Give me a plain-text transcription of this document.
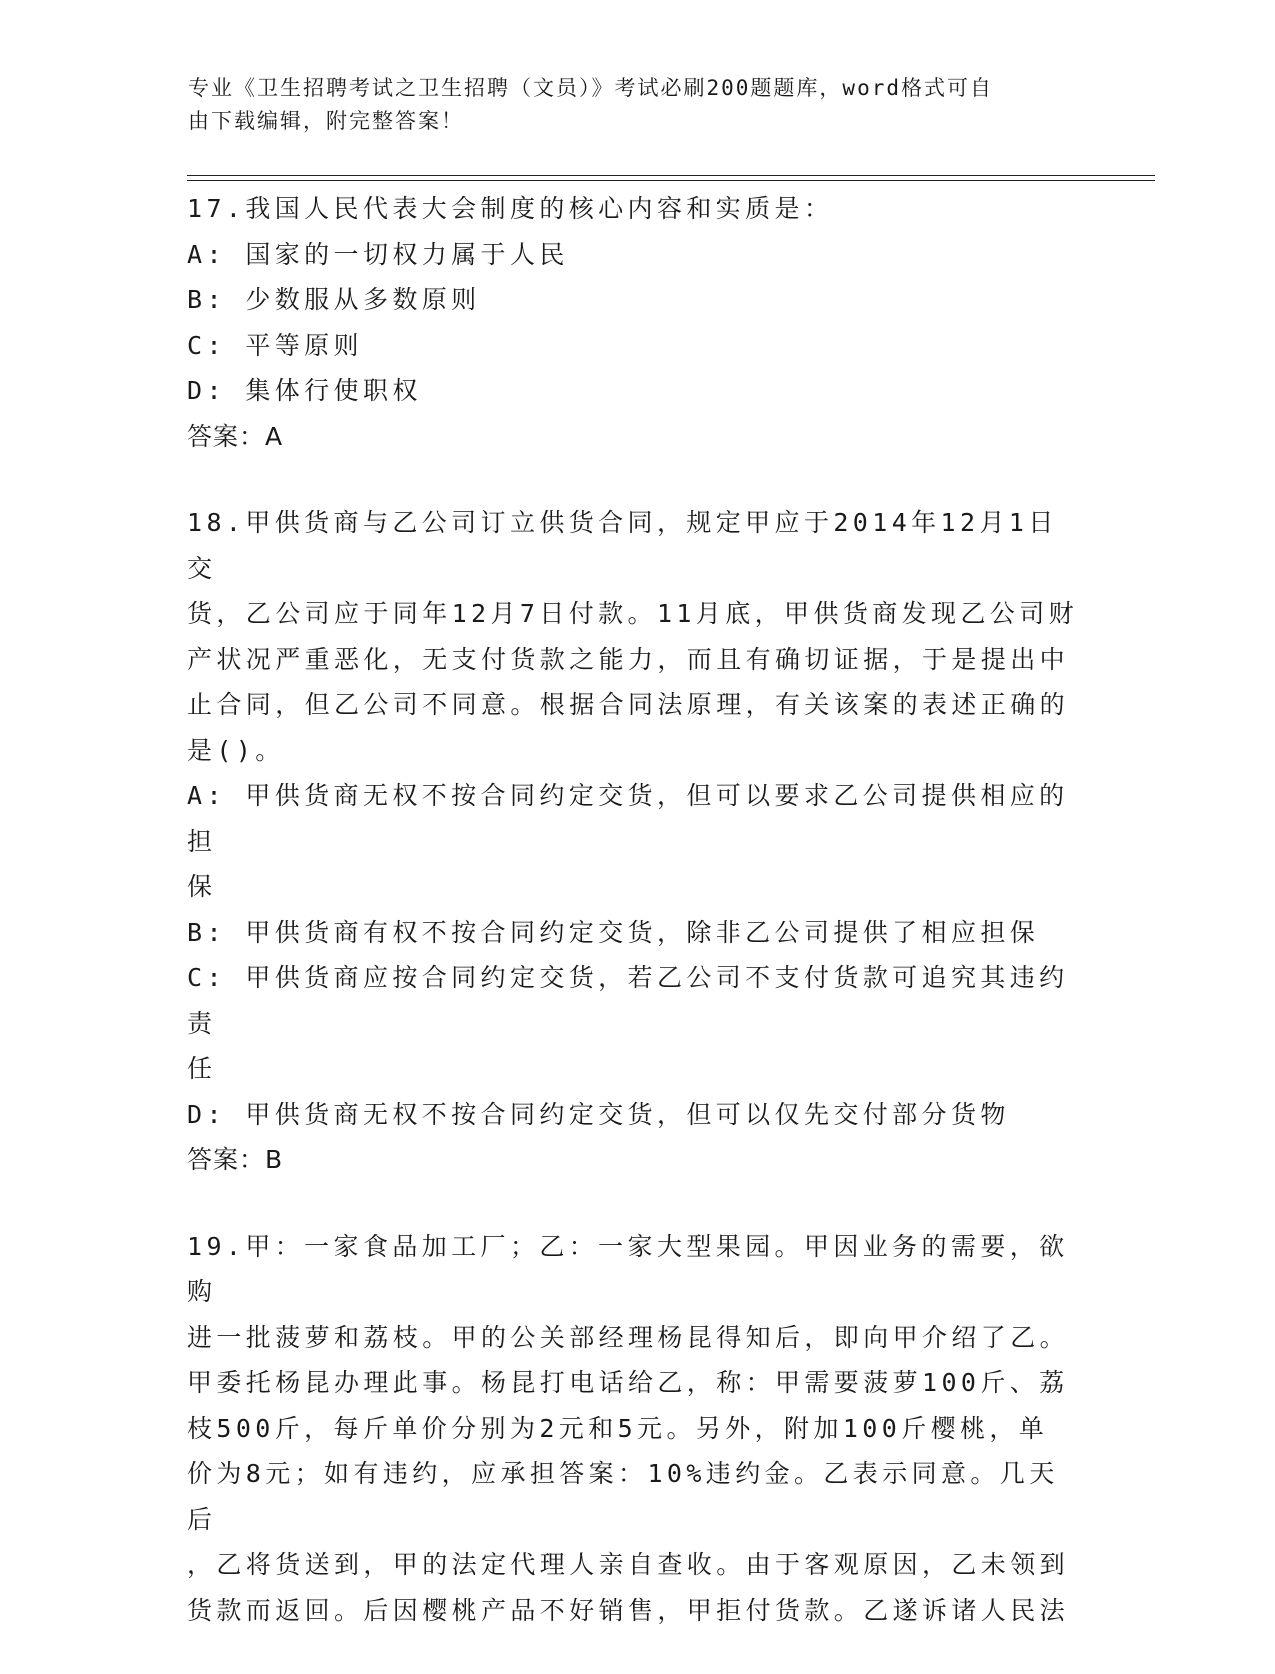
专业《卫生招聘考试之卫生招聘（文员）》考试必刷200题题库，word格式可自
由下载编辑，附完整答案！

17.我国人民代表大会制度的核心内容和实质是：

A: 国家的一切权力属于人民

B: 少数服从多数原则

C: 平等原则

D: 集体行使职权

答案：A

18.甲供货商与乙公司订立供货合同，规定甲应于2014年12月1日交

货，乙公司应于同年12月7日付款。11月底，甲供货商发现乙公司财

产状况严重恶化，无支付货款之能力，而且有确切证据，于是提出中

止合同，但乙公司不同意。根据合同法原理，有关该案的表述正确的

是()。

A: 甲供货商无权不按合同约定交货，但可以要求乙公司提供相应的担

保

B: 甲供货商有权不按合同约定交货，除非乙公司提供了相应担保

C: 甲供货商应按合同约定交货，若乙公司不支付货款可追究其违约责

任

D: 甲供货商无权不按合同约定交货，但可以仅先交付部分货物

答案：B

19.甲：一家食品加工厂；乙：一家大型果园。甲因业务的需要，欲购

进一批菠萝和荔枝。甲的公关部经理杨昆得知后，即向甲介绍了乙。

甲委托杨昆办理此事。杨昆打电话给乙，称：甲需要菠萝100斤、荔

枝500斤，每斤单价分别为2元和5元。另外，附加100斤樱桃，单

价为8元；如有违约，应承担答案：10%违约金。乙表示同意。几天后

，乙将货送到，甲的法定代理人亲自查收。由于客观原因，乙未领到

货款而返回。后因樱桃产品不好销售，甲拒付货款。乙遂诉诸人民法
